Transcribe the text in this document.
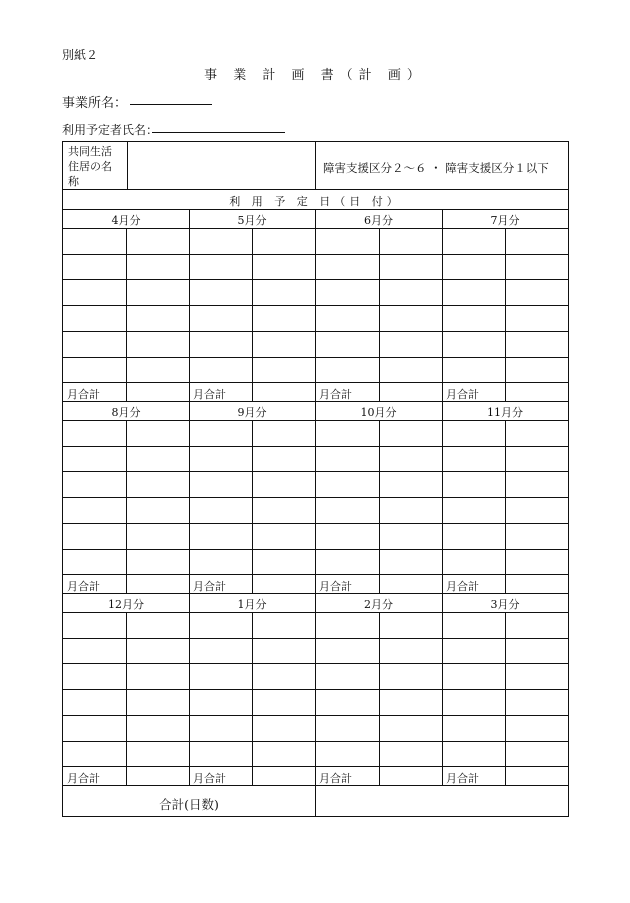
別紙２
事 業 計 画 書（計 画）
事業所名：
利用予定者氏名：
共同生活
住居の名
称
障害支援区分２～６ ・ 障害支援区分１以下
利 用 予 定 日（日 付）
合計(日数)
4月分
月合計
5月分
月合計
6月分
月合計
7月分
月合計
8月分
月合計
9月分
月合計
10月分
月合計
11月分
月合計
12月分
月合計
1月分
月合計
2月分
月合計
3月分
月合計
